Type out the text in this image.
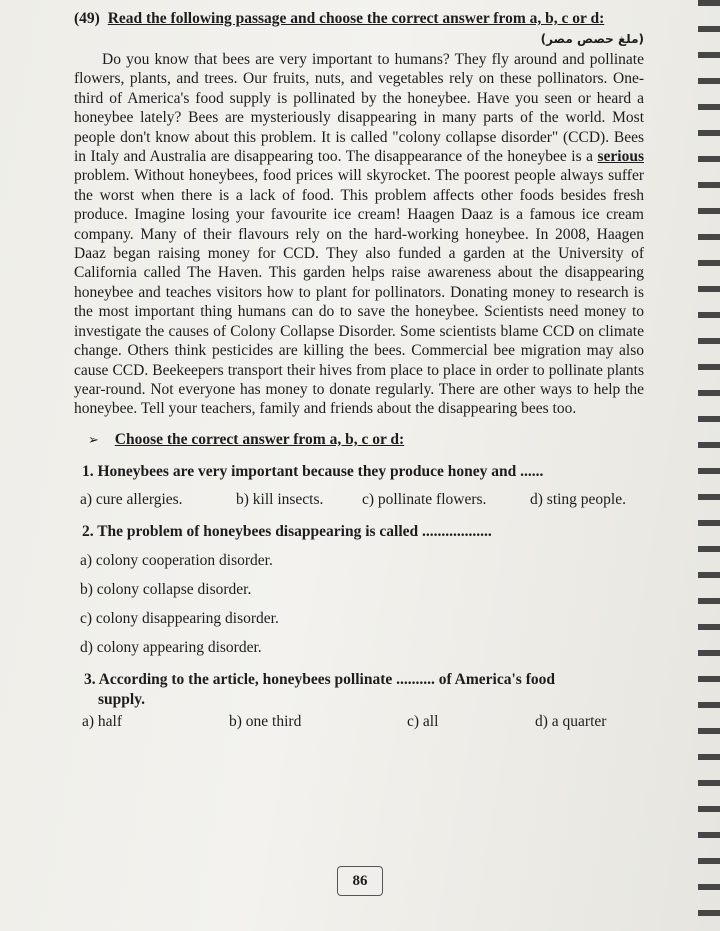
(49) Read the following passage and choose the correct answer from a, b, c or d:
(ملغ حصص مصر)
Do you know that bees are very important to humans? They fly around and pollinate flowers, plants, and trees. Our fruits, nuts, and vegetables rely on these pollinators. One-third of America's food supply is pollinated by the honeybee. Have you seen or heard a honeybee lately? Bees are mysteriously disappearing in many parts of the world. Most people don't know about this problem. It is called "colony collapse disorder" (CCD). Bees in Italy and Australia are disappearing too. The disappearance of the honeybee is a serious problem. Without honeybees, food prices will skyrocket. The poorest people always suffer the worst when there is a lack of food. This problem affects other foods besides fresh produce. Imagine losing your favourite ice cream! Haagen Daaz is a famous ice cream company. Many of their flavours rely on the hard-working honeybee. In 2008, Haagen Daaz began raising money for CCD. They also funded a garden at the University of California called The Haven. This garden helps raise awareness about the disappearing honeybee and teaches visitors how to plant for pollinators. Donating money to research is the most important thing humans can do to save the honeybee. Scientists need money to investigate the causes of Colony Collapse Disorder. Some scientists blame CCD on climate change. Others think pesticides are killing the bees. Commercial bee migration may also cause CCD. Beekeepers transport their hives from place to place in order to pollinate plants year-round. Not everyone has money to donate regularly. There are other ways to help the honeybee. Tell your teachers, family and friends about the disappearing bees too.
➢ Choose the correct answer from a, b, c or d:
1. Honeybees are very important because they produce honey and ......
a) cure allergies.	b) kill insects.	c) pollinate flowers.	d) sting people.
2. The problem of honeybees disappearing is called ..................
a) colony cooperation disorder.
b) colony collapse disorder.
c) colony disappearing disorder.
d) colony appearing disorder.
3. According to the article, honeybees pollinate .......... of America's food
supply.
a) half	b) one third	c) all	d) a quarter
86
